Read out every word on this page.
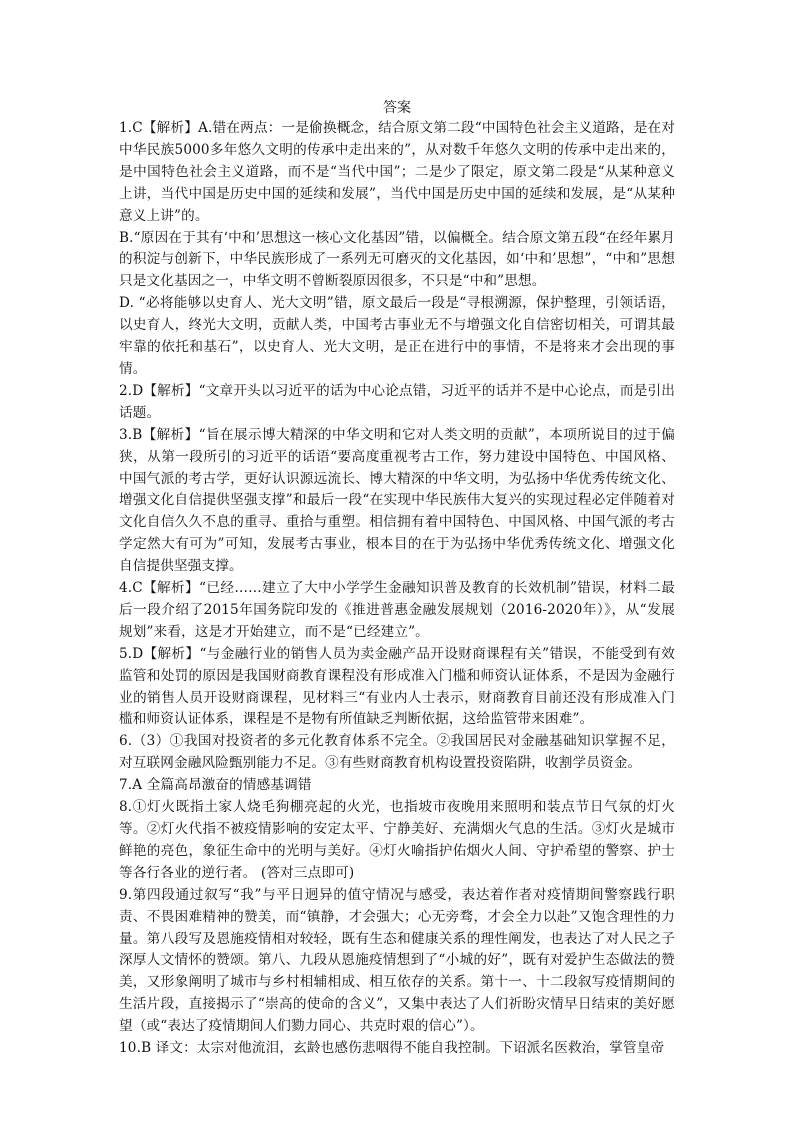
答案

1.C【解析】A.错在两点：一是偷换概念，结合原文第二段“中国特色社会主义道路，是在对中华民族5000多年悠久文明的传承中走出来的”，从对数千年悠久文明的传承中走出来的，是中国特色社会主义道路，而不是“当代中国”；二是少了限定，原文第二段是“从某种意义上讲，当代中国是历史中国的延续和发展”，当代中国是历史中国的延续和发展，是“从某种意义上讲”的。

B.“原因在于其有‘中和’思想这一核心文化基因”错，以偏概全。结合原文第五段“在经年累月的积淀与创新下，中华民族形成了一系列无可磨灭的文化基因，如‘中和’思想”，“中和”思想只是文化基因之一，中华文明不曾断裂原因很多，不只是“中和”思想。

D. “必将能够以史育人、光大文明”错，原文最后一段是“寻根溯源，保护整理，引领话语，以史育人，终光大文明，贡献人类，中国考古事业无不与增强文化自信密切相关，可谓其最牢靠的依托和基石”，以史育人、光大文明，是正在进行中的事情，不是将来才会出现的事情。

2.D【解析】“文章开头以习近平的话为中心论点错，习近平的话并不是中心论点，而是引出话题。

3.B【解析】“旨在展示博大精深的中华文明和它对人类文明的贡献”，本项所说目的过于偏狭，从第一段所引的习近平的话语“要高度重视考古工作，努力建设中国特色、中国风格、中国气派的考古学，更好认识源远流长、博大精深的中华文明，为弘扬中华优秀传统文化、增强文化自信提供坚强支撑”和最后一段“在实现中华民族伟大复兴的实现过程必定伴随着对文化自信久久不息的重寻、重拾与重塑。相信拥有着中国特色、中国风格、中国气派的考古学定然大有可为”可知，发展考古事业，根本目的在于为弘扬中华优秀传统文化、增强文化自信提供坚强支撑。

4.C【解析】“已经……建立了大中小学学生金融知识普及教育的长效机制”错误，材料二最后一段介绍了2015年国务院印发的《推进普惠金融发展规划（2016-2020年）》，从“发展规划”来看，这是才开始建立，而不是“已经建立”。

5.D【解析】“与金融行业的销售人员为卖金融产品开设财商课程有关”错误，不能受到有效监管和处罚的原因是我国财商教育课程没有形成准入门槛和师资认证体系，不是因为金融行业的销售人员开设财商课程，见材料三“有业内人士表示，财商教育目前还没有形成准入门槛和师资认证体系，课程是不是物有所值缺乏判断依据，这给监管带来困难”。

6.（3）①我国对投资者的多元化教育体系不完全。②我国居民对金融基础知识掌握不足，对互联网金融风险甄别能力不足。③有些财商教育机构设置投资陷阱，收割学员资金。

7.A 全篇高昂激奋的情感基调错

8.①灯火既指土家人烧毛狗棚亮起的火光，也指坡市夜晚用来照明和装点节日气氛的灯火等。②灯火代指不被疫情影响的安定太平、宁静美好、充满烟火气息的生活。③灯火是城市鲜艳的亮色，象征生命中的光明与美好。④灯火喻指护佑烟火人间、守护希望的警察、护士等各行各业的逆行者。 (答对三点即可)

9.第四段通过叙写“我”与平日迥异的值守情况与感受，表达着作者对疫情期间警察践行职责、不畏困难精神的赞美，而“镇静，才会强大；心无旁骛，才会全力以赴”又饱含理性的力量。第八段写及恩施疫情相对较轻，既有生态和健康关系的理性阐发，也表达了对人民之子深厚人文情怀的赞颂。第八、九段从恩施疫情想到了“小城的好”，既有对爱护生态做法的赞美，又形象阐明了城市与乡村相辅相成、相互依存的关系。第十一、十二段叙写疫情期间的生活片段，直接揭示了“崇高的使命的含义”，又集中表达了人们祈盼灾情早日结束的美好愿望（或“表达了疫情期间人们勠力同心、共克时艰的信心”）。

10.B 译文：太宗对他流泪，玄龄也感伤悲咽得不能自我控制。下诏派名医救治，掌管皇帝
